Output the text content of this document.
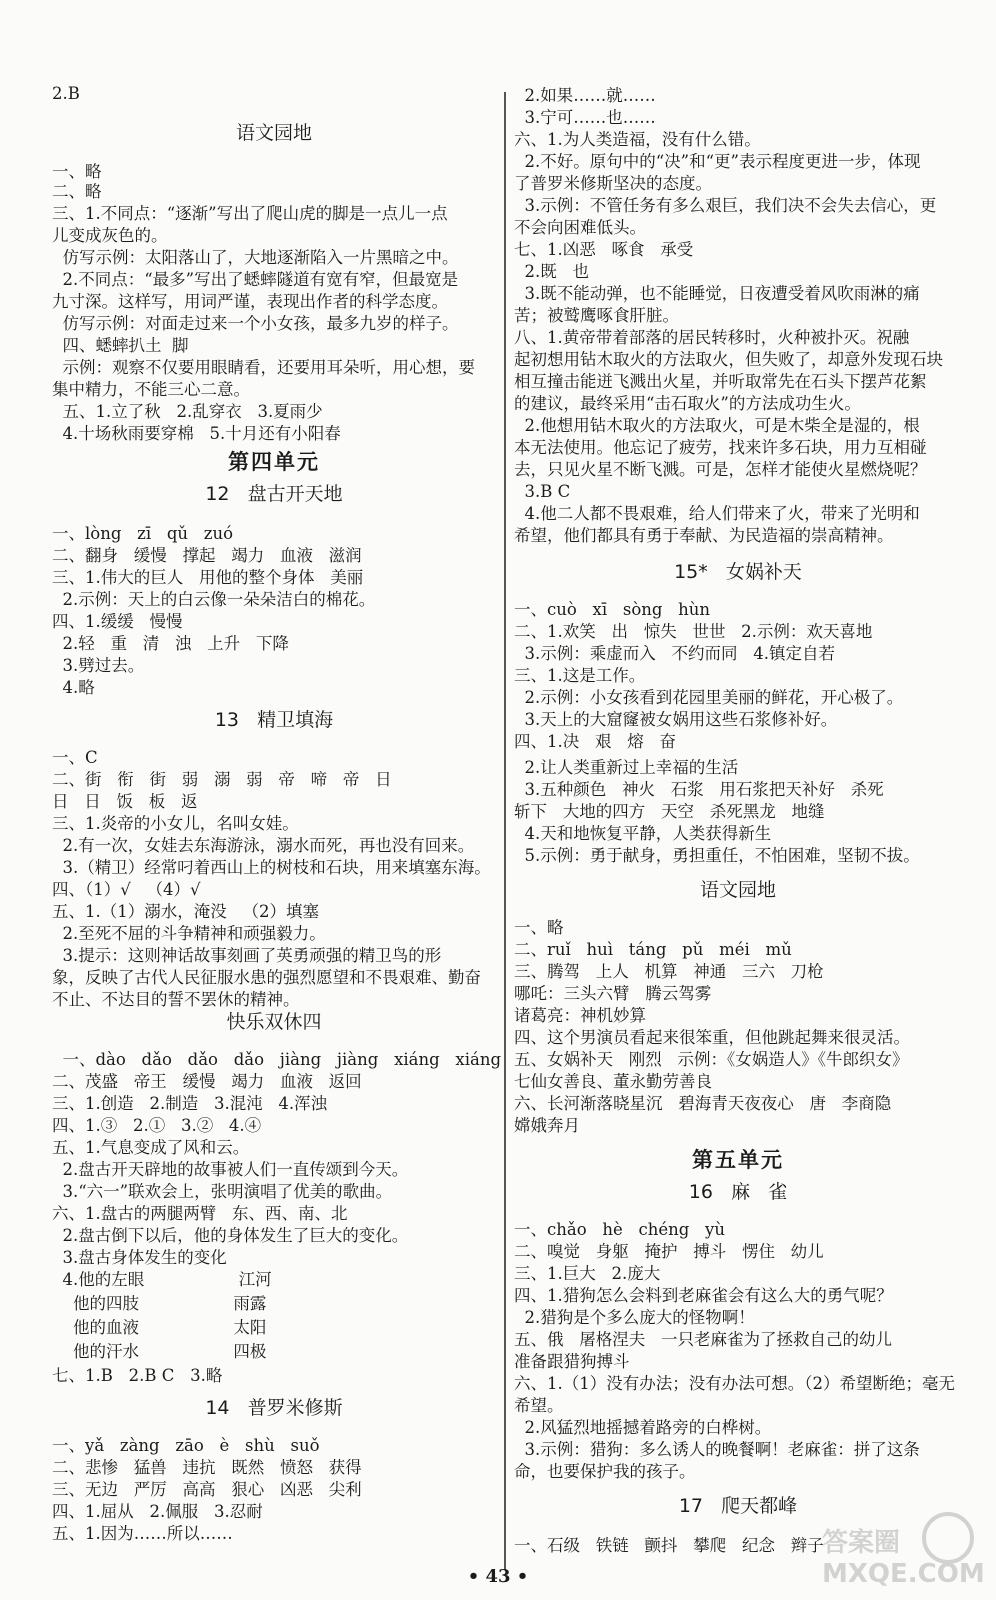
2.B
语文园地
一、略
二、略
三、1.不同点：“逐渐”写出了爬山虎的脚是一点儿一点
儿变成灰色的。
仿写示例：太阳落山了，大地逐渐陷入一片黑暗之中。
2.不同点：“最多”写出了蟋蟀隧道有宽有窄，但最宽是
九寸深。这样写，用词严谨，表现出作者的科学态度。
仿写示例：对面走过来一个小女孩，最多九岁的样子。
四、蟋蟀扒土  脚
示例：观察不仅要用眼睛看，还要用耳朵听，用心想，要
集中精力，不能三心二意。
五、1.立了秋   2.乱穿衣   3.夏雨少
4.十场秋雨要穿棉   5.十月还有小阳春
第四单元
12   盘古开天地
一、lòng   zī   qǔ   zuó
二、翻身   缓慢   撑起   竭力   血液   滋润
三、1.伟大的巨人   用他的整个身体   美丽
2.示例：天上的白云像一朵朵洁白的棉花。
四、1.缓缓   慢慢
2.轻   重   清   浊   上升   下降
3.劈过去。
4.略
13   精卫填海
一、C
二、街   衔   街   弱   溺   弱   帝   啼   帝   日
日   日   饭   板   返
三、1.炎帝的小女儿，名叫女娃。
2.有一次，女娃去东海游泳，溺水而死，再也没有回来。
3.（精卫）经常叼着西山上的树枝和石块，用来填塞东海。
四、（1）√   （4）√
五、1.（1）溺水，淹没   （2）填塞
2.至死不屈的斗争精神和顽强毅力。
3.提示：这则神话故事刻画了英勇顽强的精卫鸟的形
象，反映了古代人民征服水患的强烈愿望和不畏艰难、勤奋
不止、不达目的誓不罢休的精神。
快乐双休四
一、dào   dǎo   dǎo   dǎo   jiàng   jiàng   xiáng   xiáng
二、茂盛   帝王   缓慢   竭力   血液   返回
三、1.创造   2.制造   3.混沌   4.浑浊
四、1.③   2.①   3.②   4.④
五、1.气息变成了风和云。
2.盘古开天辟地的故事被人们一直传颂到今天。
3.“六一”联欢会上，张明演唱了优美的歌曲。
六、1.盘古的两腿两臂   东、西、南、北
2.盘古倒下以后，他的身体发生了巨大的变化。
3.盘古身体发生的变化
4.他的左眼                  江河
他的四肢                  雨露
他的血液                  太阳
他的汗水                  四极
七、1.B   2.B C   3.略
14   普罗米修斯
一、yǎ   zàng   zāo   è   shù   suǒ
二、悲惨   猛兽   违抗   既然   愤怒   获得
三、无边   严厉   高高   狠心   凶恶   尖利
四、1.屈从   2.佩服   3.忍耐
五、1.因为……所以……
2.如果……就……
3.宁可……也……
六、1.为人类造福，没有什么错。
2.不好。原句中的“决”和“更”表示程度更进一步，体现
了普罗米修斯坚决的态度。
3.示例：不管任务有多么艰巨，我们决不会失去信心，更
不会向困难低头。
七、1.凶恶   啄食   承受
2.既   也
3.既不能动弹，也不能睡觉，日夜遭受着风吹雨淋的痛
苦；被鹫鹰啄食肝脏。
八、1.黄帝带着部落的居民转移时，火种被扑灭。祝融
起初想用钻木取火的方法取火，但失败了，却意外发现石块
相互撞击能迸飞溅出火星，并听取常先在石头下摆芦花絮
的建议，最终采用“击石取火”的方法成功生火。
2.他想用钻木取火的方法取火，可是木柴全是湿的，根
本无法使用。他忘记了疲劳，找来许多石块，用力互相碰
去，只见火星不断飞溅。可是，怎样才能使火星燃烧呢？
3.B C
4.他二人都不畏艰难，给人们带来了火，带来了光明和
希望，他们都具有勇于奉献、为民造福的崇高精神。
15*   女娲补天
一、cuò   xī   sòng   hùn
二、1.欢笑   出   惊失   世世   2.示例：欢天喜地
3.示例：乘虚而入   不约而同   4.镇定自若
三、1.这是工作。
2.示例：小女孩看到花园里美丽的鲜花，开心极了。
3.天上的大窟窿被女娲用这些石浆修补好。
四、1.决   艰   熔   奋
2.让人类重新过上幸福的生活
3.五种颜色   神火   石浆   用石浆把天补好   杀死
斩下   大地的四方   天空   杀死黑龙   地缝
4.天和地恢复平静，人类获得新生
5.示例：勇于献身，勇担重任，不怕困难，坚韧不拔。
语文园地
一、略
二、ruǐ   huì   táng   pǔ   méi   mǔ
三、腾驾   上人   机算   神通   三六   刀枪
哪吒：三头六臂   腾云驾雾
诸葛亮：神机妙算
四、这个男演员看起来很笨重，但他跳起舞来很灵活。
五、女娲补天   刚烈   示例：《女娲造人》《牛郎织女》
七仙女善良、董永勤劳善良
六、长河渐落晓星沉   碧海青天夜夜心   唐   李商隐
嫦娥奔月
第五单元
16   麻   雀
一、chǎo   hè   chéng   yù
二、嗅觉   身躯   掩护   搏斗   愣住   幼儿
三、1.巨大   2.庞大
四、1.猎狗怎么会料到老麻雀会有这么大的勇气呢？
2.猎狗是个多么庞大的怪物啊！
五、俄   屠格涅夫   一只老麻雀为了拯救自己的幼儿
准备跟猎狗搏斗
六、1.（1）没有办法；没有办法可想。（2）希望断绝；毫无
希望。
2.风猛烈地摇撼着路旁的白桦树。
3.示例：猎狗：多么诱人的晚餐啊！老麻雀：拼了这条
命，也要保护我的孩子。
17   爬天都峰
一、石级   铁链   颤抖   攀爬   纪念   辫子
• 43 •
答案圈 MXQE.COM
